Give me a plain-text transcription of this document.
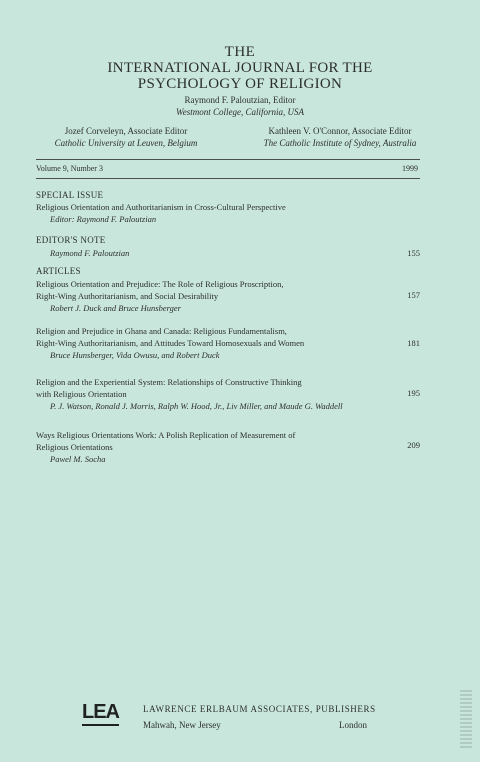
THE
INTERNATIONAL JOURNAL FOR THE
PSYCHOLOGY OF RELIGION
Raymond F. Paloutzian, Editor
Westmont College, California, USA
Jozef Corveleyn, Associate Editor
Catholic University at Leuven, Belgium
Kathleen V. O'Connor, Associate Editor
The Catholic Institute of Sydney, Australia
Volume 9, Number 3	1999
SPECIAL ISSUE
Religious Orientation and Authoritarianism in Cross-Cultural Perspective
Editor: Raymond F. Paloutzian
EDITOR'S NOTE
Raymond F. Paloutzian	155
ARTICLES
Religious Orientation and Prejudice: The Role of Religious Proscription,
Right-Wing Authoritarianism, and Social Desirability	157
Robert J. Duck and Bruce Hunsberger
Religion and Prejudice in Ghana and Canada: Religious Fundamentalism,
Right-Wing Authoritarianism, and Attitudes Toward Homosexuals and Women	181
Bruce Hunsberger, Vida Owusu, and Robert Duck
Religion and the Experiential System: Relationships of Constructive Thinking
with Religious Orientation	195
P. J. Watson, Ronald J. Morris, Ralph W. Hood, Jr., Liv Miller, and Maude G. Waddell
Ways Religious Orientations Work: A Polish Replication of Measurement of
Religious Orientations	209
Pawel M. Socha
LEA	LAWRENCE ERLBAUM ASSOCIATES, PUBLISHERS
Mahwah, New Jersey	London
